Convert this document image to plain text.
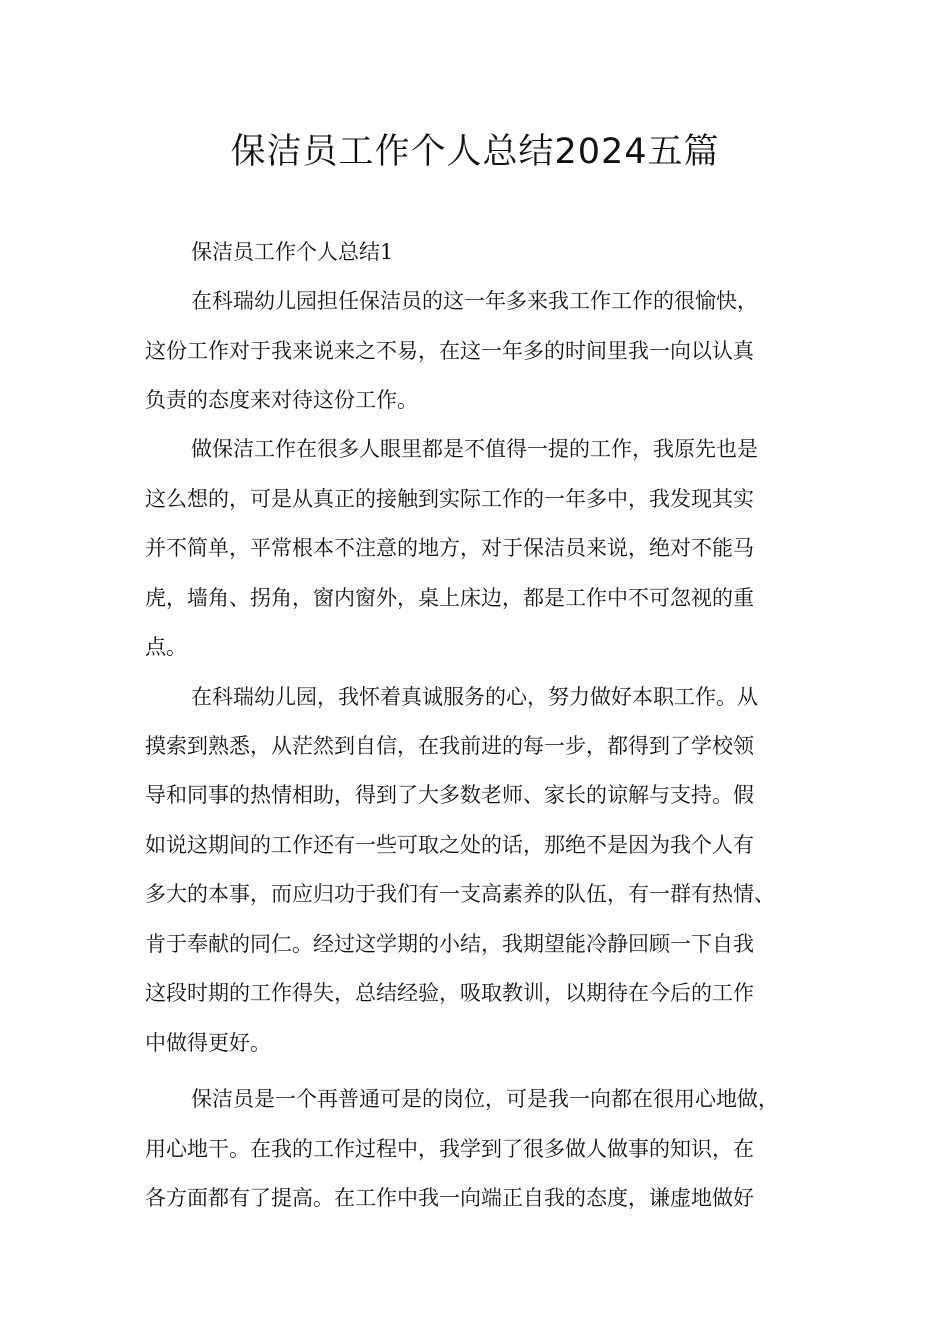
保洁员工作个人总结2024五篇

保洁员工作个人总结1

在科瑞幼儿园担任保洁员的这一年多来我工作工作的很愉快，

这份工作对于我来说来之不易，在这一年多的时间里我一向以认真

负责的态度来对待这份工作。

做保洁工作在很多人眼里都是不值得一提的工作，我原先也是

这么想的，可是从真正的接触到实际工作的一年多中，我发现其实

并不简单，平常根本不注意的地方，对于保洁员来说，绝对不能马

虎，墙角、拐角，窗内窗外，桌上床边，都是工作中不可忽视的重

点。

在科瑞幼儿园，我怀着真诚服务的心，努力做好本职工作。从

摸索到熟悉，从茫然到自信，在我前进的每一步，都得到了学校领

导和同事的热情相助，得到了大多数老师、家长的谅解与支持。假

如说这期间的工作还有一些可取之处的话，那绝不是因为我个人有

多大的本事，而应归功于我们有一支高素养的队伍，有一群有热情、

肯于奉献的同仁。经过这学期的小结，我期望能冷静回顾一下自我

这段时期的工作得失，总结经验，吸取教训，以期待在今后的工作

中做得更好。

保洁员是一个再普通可是的岗位，可是我一向都在很用心地做，

用心地干。在我的工作过程中，我学到了很多做人做事的知识，在

各方面都有了提高。在工作中我一向端正自我的态度，谦虚地做好
